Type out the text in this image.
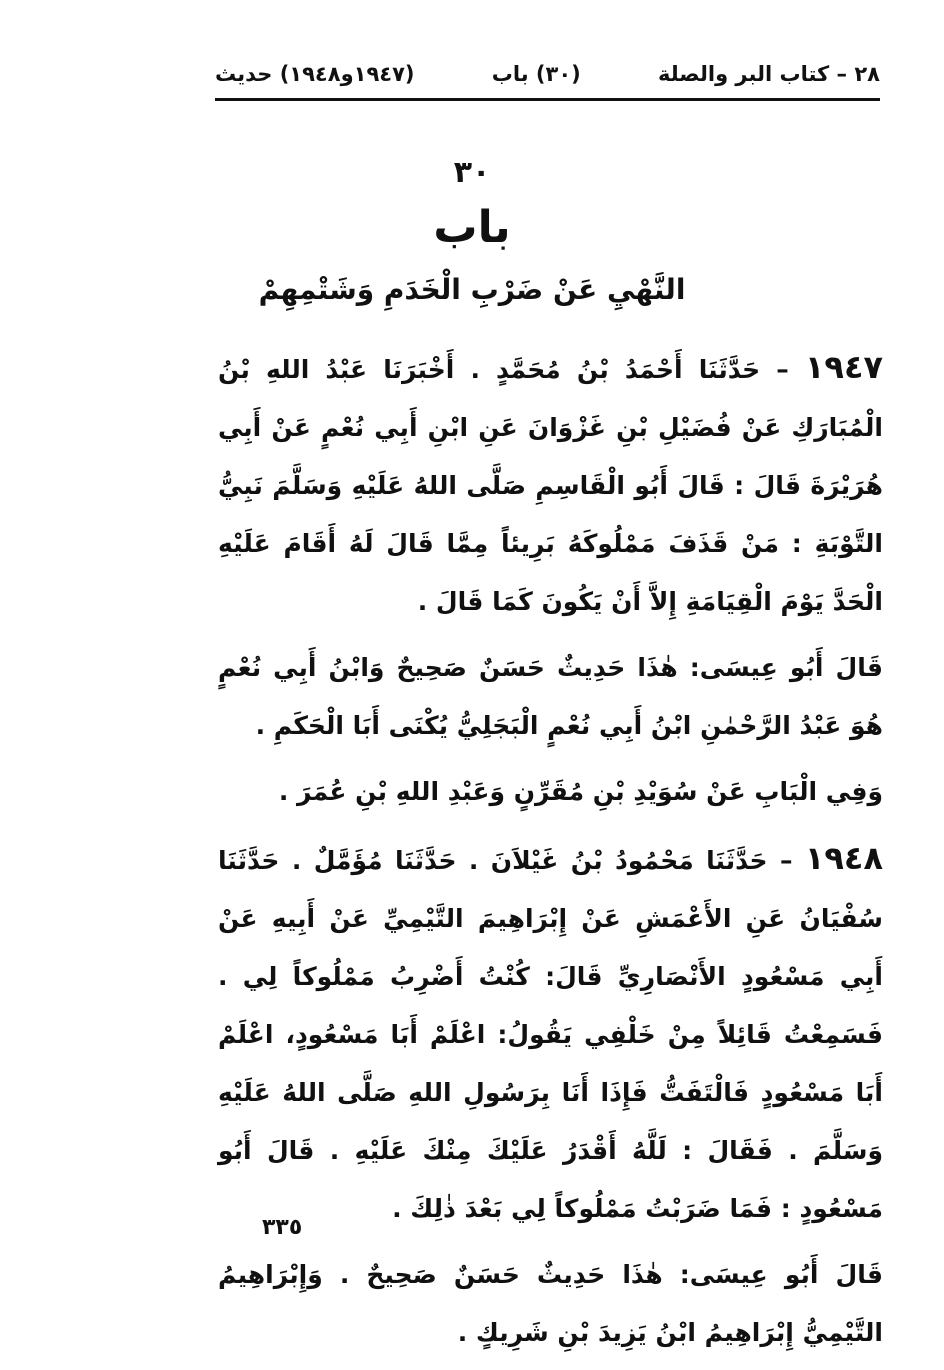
٢٨ – كتاب البر والصلة
(٣٠) باب
(١٩٤٧و١٩٤٨) حديث
٣٠
باب
النَّهْيِ عَنْ ضَرْبِ الْخَدَمِ وَشَتْمِهِمْ

١٩٤٧ – حَدَّثَنَا أَحْمَدُ بْنُ مُحَمَّدٍ . أَخْبَرَنَا عَبْدُ اللهِ بْنُ الْمُبَارَكِ عَنْ فُضَيْلِ بْنِ غَزْوَانَ عَنِ ابْنِ أَبِي نُعْمٍ عَنْ أَبِي هُرَيْرَةَ قَالَ : قَالَ أَبُو الْقَاسِمِ صَلَّى اللهُ عَلَيْهِ وَسَلَّمَ نَبِيُّ التَّوْبَةِ : مَنْ قَذَفَ مَمْلُوكَهُ بَرِيئاً مِمَّا قَالَ لَهُ أَقَامَ عَلَيْهِ الْحَدَّ يَوْمَ الْقِيَامَةِ إِلاَّ أَنْ يَكُونَ كَمَا قَالَ .

قَالَ أَبُو عِيسَى: هٰذَا حَدِيثٌ حَسَنٌ صَحِيحٌ وَابْنُ أَبِي نُعْمٍ هُوَ عَبْدُ الرَّحْمٰنِ ابْنُ أَبِي نُعْمٍ الْبَجَلِيُّ يُكْنَى أَبَا الْحَكَمِ .

وَفِي الْبَابِ عَنْ سُوَيْدِ بْنِ مُقَرِّنٍ وَعَبْدِ اللهِ بْنِ عُمَرَ .

١٩٤٨ – حَدَّثَنَا مَحْمُودُ بْنُ غَيْلاَنَ . حَدَّثَنَا مُؤَمَّلٌ . حَدَّثَنَا سُفْيَانُ عَنِ الأَعْمَشِ عَنْ إِبْرَاهِيمَ التَّيْمِيِّ عَنْ أَبِيهِ عَنْ أَبِي مَسْعُودٍ الأَنْصَارِيِّ قَالَ: كُنْتُ أَضْرِبُ مَمْلُوكاً لِي . فَسَمِعْتُ قَائِلاً مِنْ خَلْفِي يَقُولُ: اعْلَمْ أَبَا مَسْعُودٍ، اعْلَمْ أَبَا مَسْعُودٍ فَالْتَفَتُّ فَإِذَا أَنَا بِرَسُولِ اللهِ صَلَّى اللهُ عَلَيْهِ وَسَلَّمَ . فَقَالَ : لَلَّهُ أَقْدَرُ عَلَيْكَ مِنْكَ عَلَيْهِ . قَالَ أَبُو مَسْعُودٍ : فَمَا ضَرَبْتُ مَمْلُوكاً لِي بَعْدَ ذٰلِكَ .

قَالَ أَبُو عِيسَى: هٰذَا حَدِيثٌ حَسَنٌ صَحِيحٌ . وَإِبْرَاهِيمُ التَّيْمِيُّ إِبْرَاهِيمُ ابْنُ يَزِيدَ بْنِ شَرِيكٍ .

٣٣٥
